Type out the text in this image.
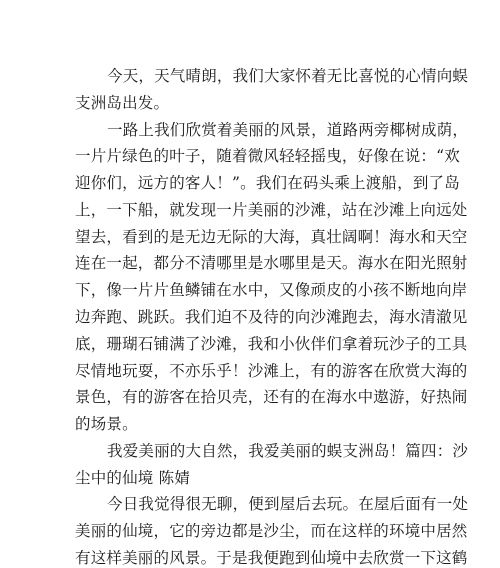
今天，天气晴朗，我们大家怀着无比喜悦的心情向蜈
支洲岛出发。
一路上我们欣赏着美丽的风景，道路两旁椰树成荫，
一片片绿色的叶子，随着微风轻轻摇曳，好像在说：“欢
迎你们，远方的客人！”。我们在码头乘上渡船，到了岛
上，一下船，就发现一片美丽的沙滩，站在沙滩上向远处
望去，看到的是无边无际的大海，真壮阔啊！海水和天空
连在一起，都分不清哪里是水哪里是天。海水在阳光照射
下，像一片片鱼鳞铺在水中，又像顽皮的小孩不断地向岸
边奔跑、跳跃。我们迫不及待的向沙滩跑去，海水清澈见
底，珊瑚石铺满了沙滩，我和小伙伴们拿着玩沙子的工具
尽情地玩耍，不亦乐乎！沙滩上，有的游客在欣赏大海的
景色，有的游客在拾贝壳，还有的在海水中遨游，好热闹
的场景。
我爱美丽的大自然，我爱美丽的蜈支洲岛！篇四：沙
尘中的仙境 陈婧
今日我觉得很无聊，便到屋后去玩。在屋后面有一处
美丽的仙境，它的旁边都是沙尘，而在这样的环境中居然
有这样美丽的风景。于是我便跑到仙境中去欣赏一下这鹤
